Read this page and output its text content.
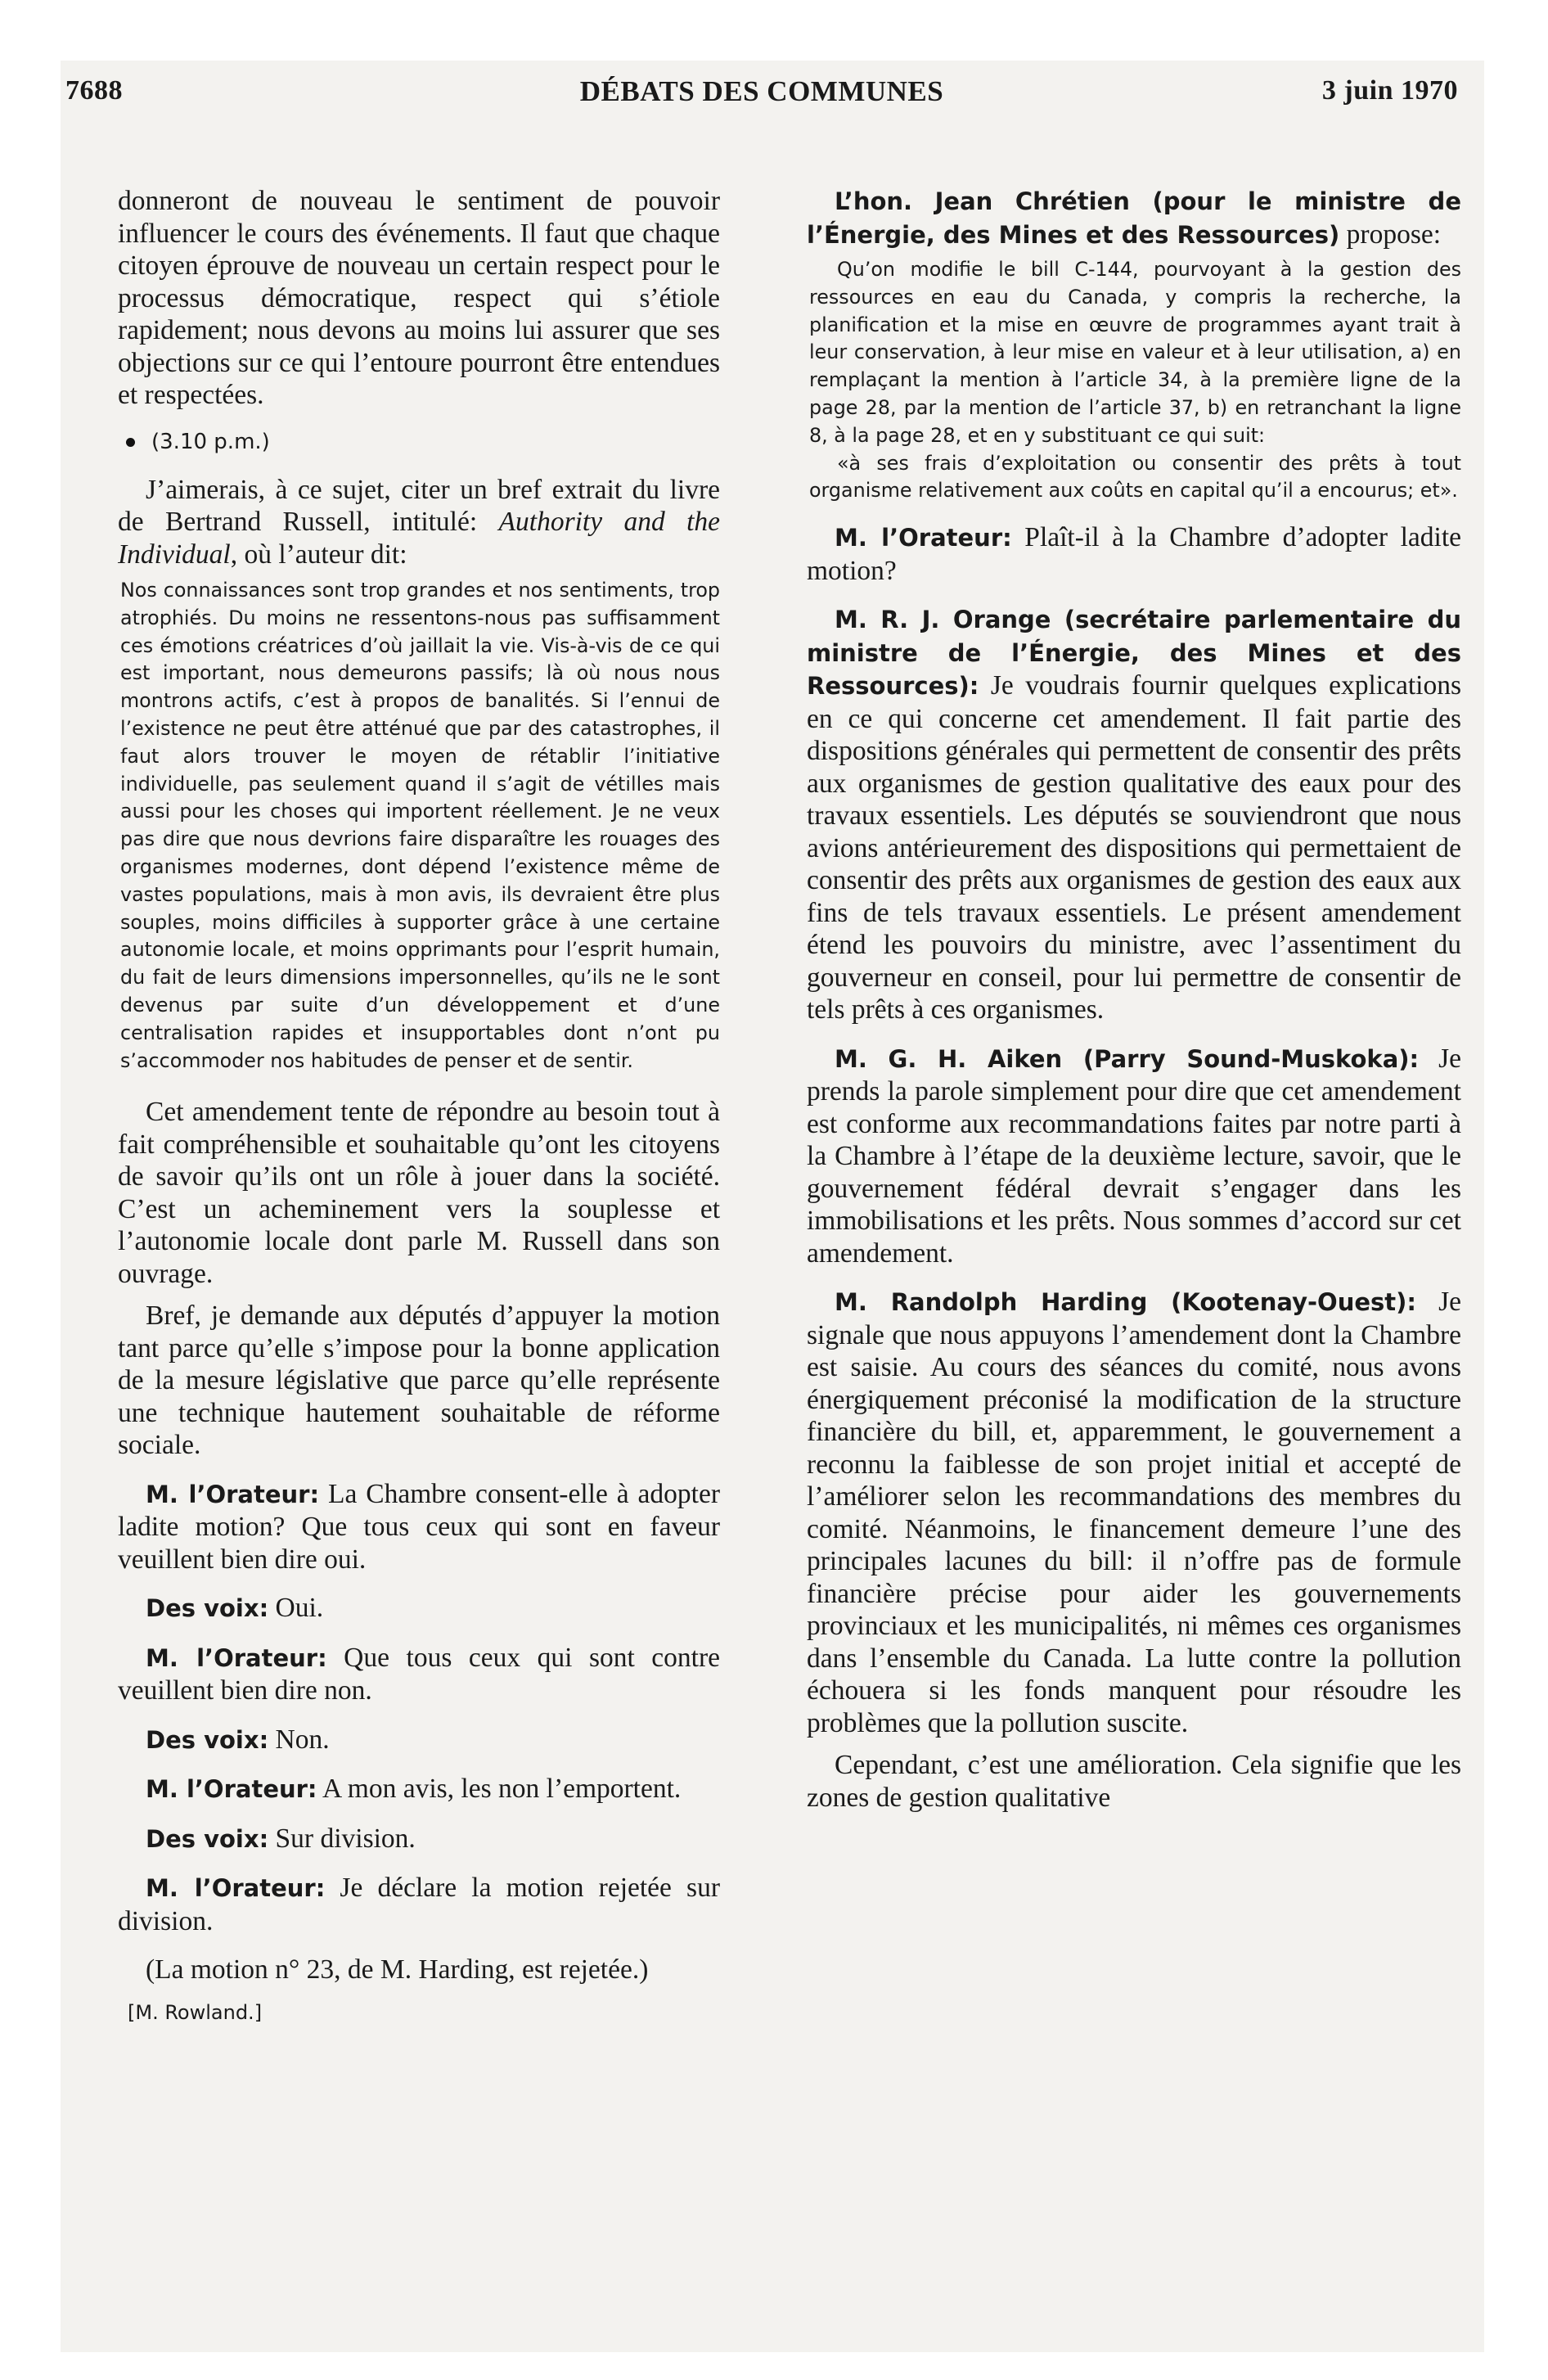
7688	DÉBATS DES COMMUNES	3 juin 1970

donneront de nouveau le sentiment de pouvoir influencer le cours des événements. Il faut que chaque citoyen éprouve de nouveau un certain respect pour le processus démocratique, respect qui s’étiole rapidement; nous devons au moins lui assurer que ses objections sur ce qui l’entoure pourront être entendues et respectées.

(3.10 p.m.)

J’aimerais, à ce sujet, citer un bref extrait du livre de Bertrand Russell, intitulé: Authority and the Individual, où l’auteur dit:

Nos connaissances sont trop grandes et nos sentiments, trop atrophiés. Du moins ne ressentons-nous pas suffisamment ces émotions créatrices d’où jaillait la vie. Vis-à-vis de ce qui est important, nous demeurons passifs; là où nous nous montrons actifs, c’est à propos de banalités. Si l’ennui de l’existence ne peut être atténué que par des catastrophes, il faut alors trouver le moyen de rétablir l’initiative individuelle, pas seulement quand il s’agit de vétilles mais aussi pour les choses qui importent réellement. Je ne veux pas dire que nous devrions faire disparaître les rouages des organismes modernes, dont dépend l’existence même de vastes populations, mais à mon avis, ils devraient être plus souples, moins difficiles à supporter grâce à une certaine autonomie locale, et moins opprimants pour l’esprit humain, du fait de leurs dimensions impersonnelles, qu’ils ne le sont devenus par suite d’un développement et d’une centralisation rapides et insupportables dont n’ont pu s’accommoder nos habitudes de penser et de sentir.

Cet amendement tente de répondre au besoin tout à fait compréhensible et souhaitable qu’ont les citoyens de savoir qu’ils ont un rôle à jouer dans la société. C’est un acheminement vers la souplesse et l’autonomie locale dont parle M. Russell dans son ouvrage.

Bref, je demande aux députés d’appuyer la motion tant parce qu’elle s’impose pour la bonne application de la mesure législative que parce qu’elle représente une technique hautement souhaitable de réforme sociale.

M. l’Orateur: La Chambre consent-elle à adopter ladite motion? Que tous ceux qui sont en faveur veuillent bien dire oui.

Des voix: Oui.

M. l’Orateur: Que tous ceux qui sont contre veuillent bien dire non.

Des voix: Non.

M. l’Orateur: A mon avis, les non l’emportent.

Des voix: Sur division.

M. l’Orateur: Je déclare la motion rejetée sur division.

(La motion n° 23, de M. Harding, est rejetée.)

[M. Rowland.]

L’hon. Jean Chrétien (pour le ministre de l’Énergie, des Mines et des Ressources) propose:

Qu’on modifie le bill C-144, pourvoyant à la gestion des ressources en eau du Canada, y compris la recherche, la planification et la mise en œuvre de programmes ayant trait à leur conservation, à leur mise en valeur et à leur utilisation, a) en remplaçant la mention à l’article 34, à la première ligne de la page 28, par la mention de l’article 37, b) en retranchant la ligne 8, à la page 28, et en y substituant ce qui suit:

«à ses frais d’exploitation ou consentir des prêts à tout organisme relativement aux coûts en capital qu’il a encourus; et».

M. l’Orateur: Plaît-il à la Chambre d’adopter ladite motion?

M. R. J. Orange (secrétaire parlementaire du ministre de l’Énergie, des Mines et des Ressources): Je voudrais fournir quelques explications en ce qui concerne cet amendement. Il fait partie des dispositions générales qui permettent de consentir des prêts aux organismes de gestion qualitative des eaux pour des travaux essentiels. Les députés se souviendront que nous avions antérieurement des dispositions qui permettaient de consentir des prêts aux organismes de gestion des eaux aux fins de tels travaux essentiels. Le présent amendement étend les pouvoirs du ministre, avec l’assentiment du gouverneur en conseil, pour lui permettre de consentir de tels prêts à ces organismes.

M. G. H. Aiken (Parry Sound-Muskoka): Je prends la parole simplement pour dire que cet amendement est conforme aux recommandations faites par notre parti à la Chambre à l’étape de la deuxième lecture, savoir, que le gouvernement fédéral devrait s’engager dans les immobilisations et les prêts. Nous sommes d’accord sur cet amendement.

M. Randolph Harding (Kootenay-Ouest): Je signale que nous appuyons l’amendement dont la Chambre est saisie. Au cours des séances du comité, nous avons énergiquement préconisé la modification de la structure financière du bill, et, apparemment, le gouvernement a reconnu la faiblesse de son projet initial et accepté de l’améliorer selon les recommandations des membres du comité. Néanmoins, le financement demeure l’une des principales lacunes du bill: il n’offre pas de formule financière précise pour aider les gouvernements provinciaux et les municipalités, ni mêmes ces organismes dans l’ensemble du Canada. La lutte contre la pollution échouera si les fonds manquent pour résoudre les problèmes que la pollution suscite.

Cependant, c’est une amélioration. Cela signifie que les zones de gestion qualitative
